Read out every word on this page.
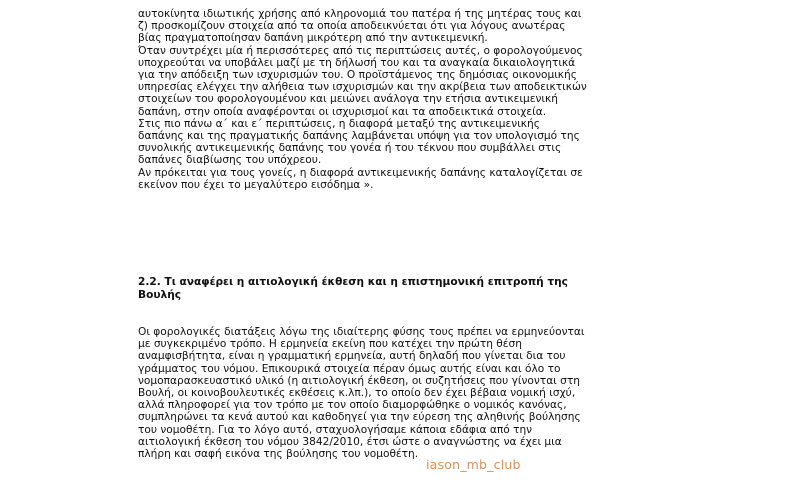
αυτοκίνητα ιδιωτικής χρήσης από κληρονομιά του πατέρα ή της μητέρας τους και
ζ) προσκομίζουν στοιχεία από τα οποία αποδεικνύεται ότι για λόγους ανωτέρας
βίας πραγματοποίησαν δαπάνη μικρότερη από την αντικειμενική.
Όταν συντρέχει μία ή περισσότερες από τις περιπτώσεις αυτές, ο φορολογούμενος
υποχρεούται να υποβάλει μαζί με τη δήλωσή του και τα αναγκαία δικαιολογητικά
για την απόδειξη των ισχυρισμών του. Ο προϊστάμενος της δημόσιας οικονομικής
υπηρεσίας ελέγχει την αλήθεια των ισχυρισμών και την ακρίβεια των αποδεικτικών
στοιχείων του φορολογουμένου και μειώνει ανάλογα την ετήσια αντικειμενική
δαπάνη, στην οποία αναφέρονται οι ισχυρισμοί και τα αποδεικτικά στοιχεία.
Στις πιο πάνω α΄ και ε΄ περιπτώσεις, η διαφορά μεταξύ της αντικειμενικής
δαπάνης και της πραγματικής δαπάνης λαμβάνεται υπόψη για τον υπολογισμό της
συνολικής αντικειμενικής δαπάνης του γονέα ή του τέκνου που συμβάλλει στις
δαπάνες διαβίωσης του υπόχρεου.
Αν πρόκειται για τους γονείς, η διαφορά αντικειμενικής δαπάνης καταλογίζεται σε
εκείνον που έχει το μεγαλύτερο εισόδημα ».

2.2. Τι αναφέρει η αιτιολογική έκθεση και η επιστημονική επιτροπή της
Βουλής

Οι φορολογικές διατάξεις λόγω της ιδιαίτερης φύσης τους πρέπει να ερμηνεύονται
με συγκεκριμένο τρόπο. Η ερμηνεία εκείνη που κατέχει την πρώτη θέση
αναμφισβήτητα, είναι η γραμματική ερμηνεία, αυτή δηλαδή που γίνεται δια του
γράμματος του νόμου. Επικουρικά στοιχεία πέραν όμως αυτής είναι και όλο το
νομοπαρασκευαστικό υλικό (η αιτιολογική έκθεση, οι συζητήσεις που γίνονται στη
Βουλή, οι κοινοβουλευτικές εκθέσεις κ.λπ.), το οποίο δεν έχει βέβαια νομική ισχύ,
αλλά πληροφορεί για τον τρόπο με τον οποίο διαμορφώθηκε ο νομικός κανόνας,
συμπληρώνει τα κενά αυτού και καθοδηγεί για την εύρεση της αληθινής βούλησης
του νομοθέτη. Για το λόγο αυτό, σταχυολογήσαμε κάποια εδάφια από την
αιτιολογική έκθεση του νόμου 3842/2010, έτσι ώστε ο αναγνώστης να έχει μια
πλήρη και σαφή εικόνα της βούλησης του νομοθέτη.

iason_mb_club
